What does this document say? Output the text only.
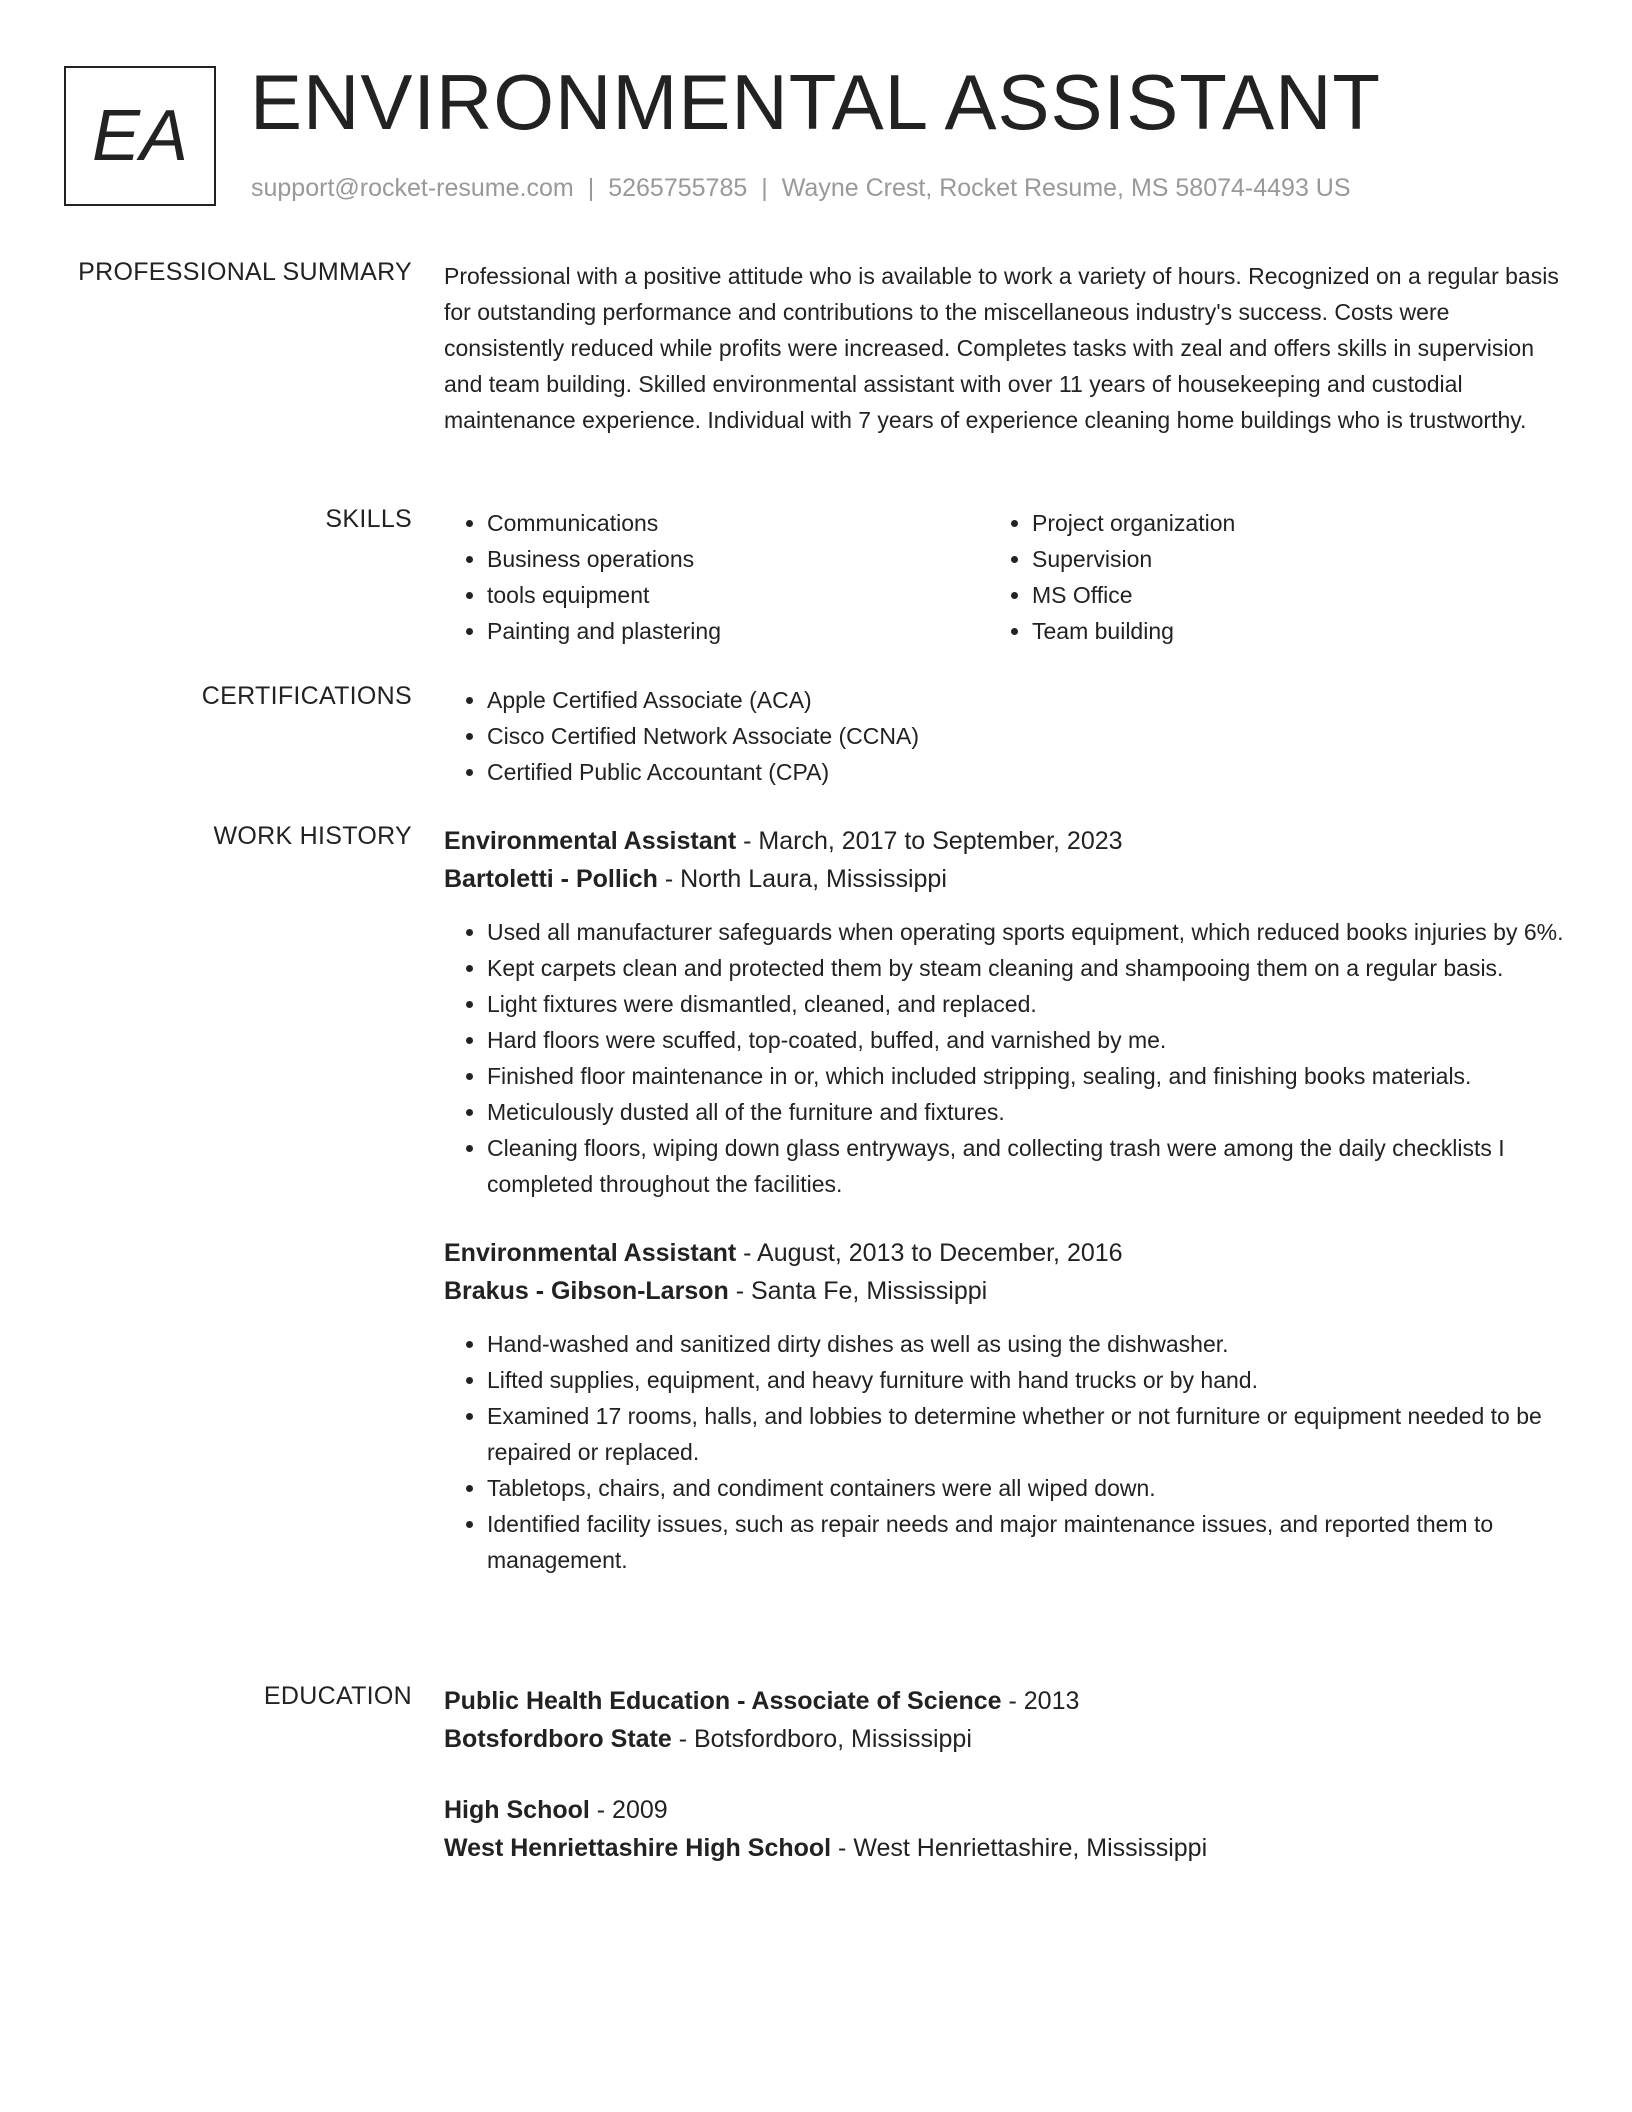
EA ENVIRONMENTAL ASSISTANT
support@rocket-resume.com | 5265755785 | Wayne Crest, Rocket Resume, MS 58074-4493 US
PROFESSIONAL SUMMARY Professional with a positive attitude who is available to work a variety of hours. Recognized on a regular basis for outstanding performance and contributions to the miscellaneous industry's success. Costs were consistently reduced while profits were increased. Completes tasks with zeal and offers skills in supervision and team building. Skilled environmental assistant with over 11 years of housekeeping and custodial maintenance experience. Individual with 7 years of experience cleaning home buildings who is trustworthy.

SKILLS	• Communications	• Project organization
• Business operations	• Supervision
• tools equipment	• MS Office
• Painting and plastering	• Team building
CERTIFICATIONS	• Apple Certified Associate (ACA)
• Cisco Certified Network Associate (CCNA)
• Certified Public Accountant (CPA)
WORK HISTORY Environmental Assistant - March, 2017 to September, 2023
Bartoletti - Pollich - North Laura, Mississippi
• Used all manufacturer safeguards when operating sports equipment, which reduced books injuries by 6%.
• Kept carpets clean and protected them by steam cleaning and shampooing them on a regular basis.
• Light fixtures were dismantled, cleaned, and replaced.
• Hard floors were scuffed, top-coated, buffed, and varnished by me.
• Finished floor maintenance in or, which included stripping, sealing, and finishing books materials.
• Meticulously dusted all of the furniture and fixtures.
• Cleaning floors, wiping down glass entryways, and collecting trash were among the daily checklists I completed throughout the facilities.
Environmental Assistant - August, 2013 to December, 2016
Brakus - Gibson-Larson - Santa Fe, Mississippi
• Hand-washed and sanitized dirty dishes as well as using the dishwasher.
• Lifted supplies, equipment, and heavy furniture with hand trucks or by hand.
• Examined 17 rooms, halls, and lobbies to determine whether or not furniture or equipment needed to be repaired or replaced.
• Tabletops, chairs, and condiment containers were all wiped down.
• Identified facility issues, such as repair needs and major maintenance issues, and reported them to management.
EDUCATION Public Health Education - Associate of Science - 2013
Botsfordboro State - Botsfordboro, Mississippi
High School - 2009
West Henriettashire High School - West Henriettashire, Mississippi
